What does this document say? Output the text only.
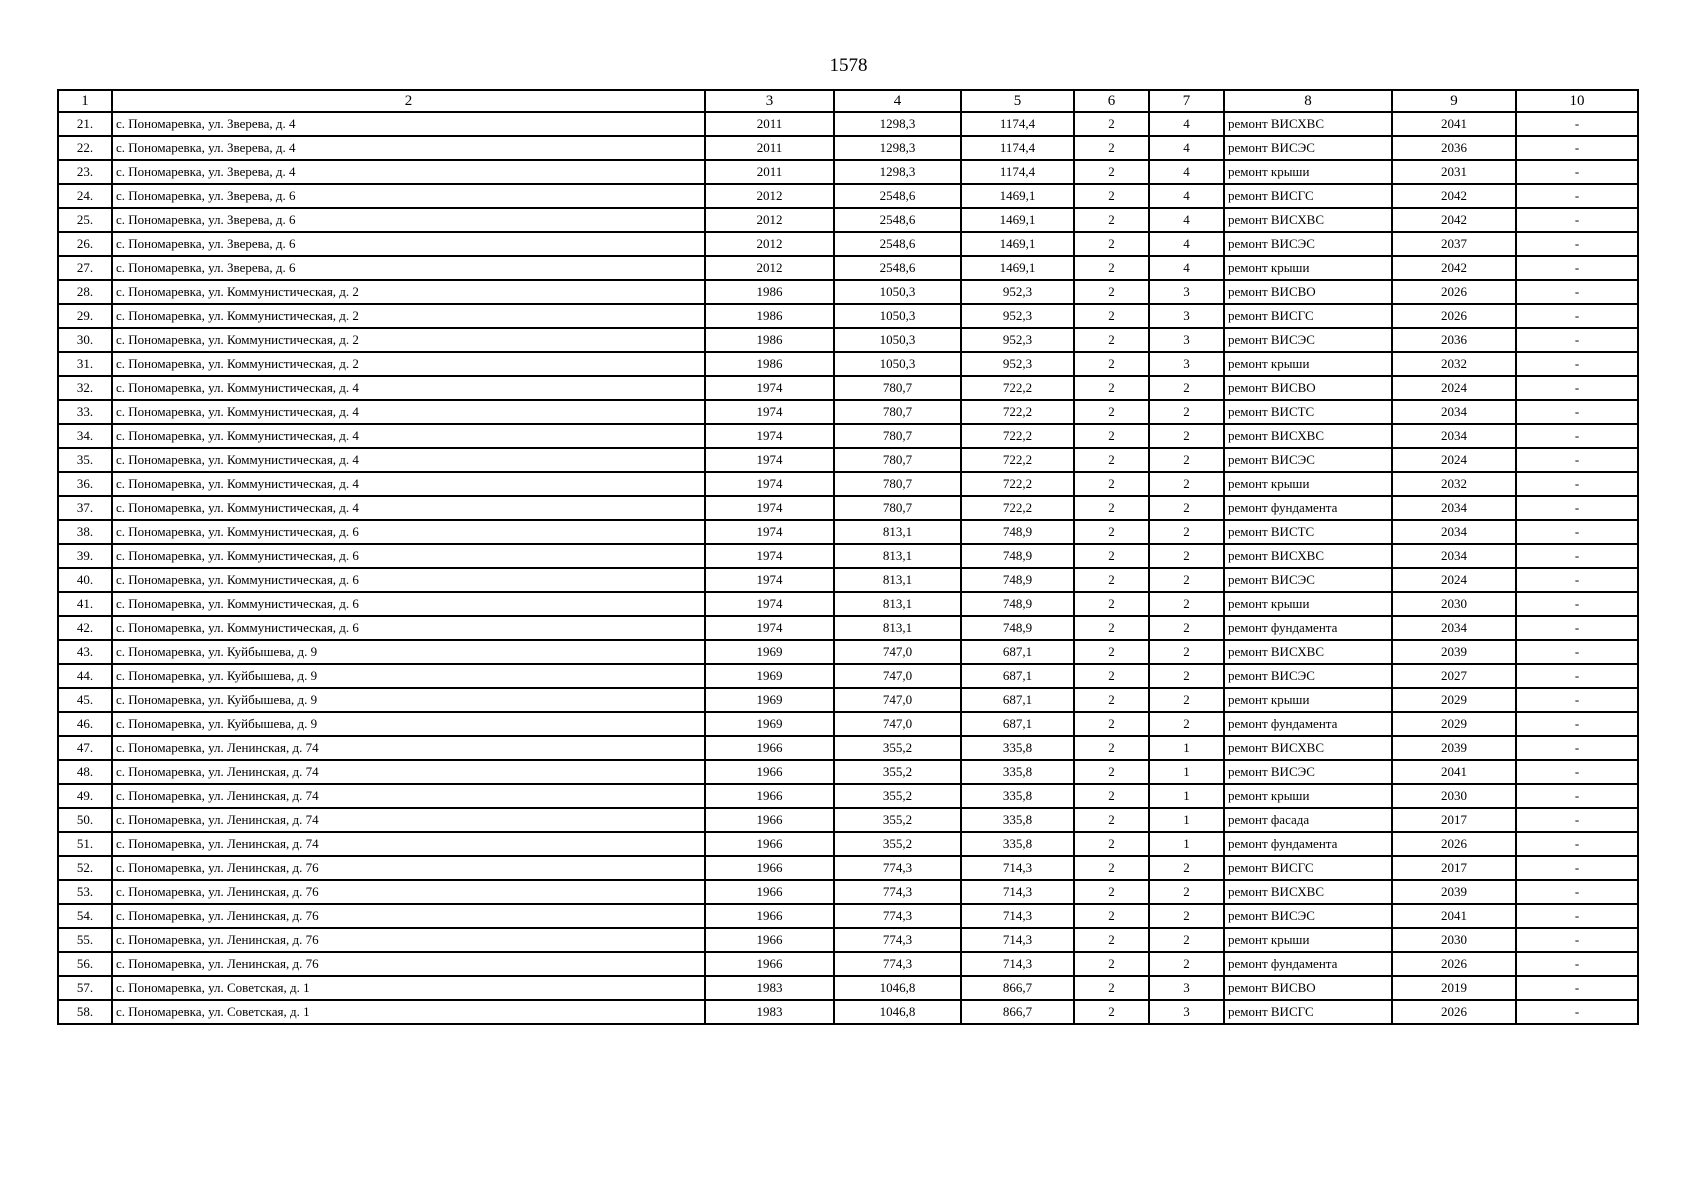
1578
1	2	3	4	5	6	7	8	9	10
21.	с. Пономаревка, ул. Зверева, д. 4	2011	1298,3	1174,4	2	4	ремонт ВИСХВС	2041	-
22.	с. Пономаревка, ул. Зверева, д. 4	2011	1298,3	1174,4	2	4	ремонт ВИСЭС	2036	-
23.	с. Пономаревка, ул. Зверева, д. 4	2011	1298,3	1174,4	2	4	ремонт крыши	2031	-
24.	с. Пономаревка, ул. Зверева, д. 6	2012	2548,6	1469,1	2	4	ремонт ВИСГС	2042	-
25.	с. Пономаревка, ул. Зверева, д. 6	2012	2548,6	1469,1	2	4	ремонт ВИСХВС	2042	-
26.	с. Пономаревка, ул. Зверева, д. 6	2012	2548,6	1469,1	2	4	ремонт ВИСЭС	2037	-
27.	с. Пономаревка, ул. Зверева, д. 6	2012	2548,6	1469,1	2	4	ремонт крыши	2042	-
28.	с. Пономаревка, ул. Коммунистическая, д. 2	1986	1050,3	952,3	2	3	ремонт ВИСВО	2026	-
29.	с. Пономаревка, ул. Коммунистическая, д. 2	1986	1050,3	952,3	2	3	ремонт ВИСГС	2026	-
30.	с. Пономаревка, ул. Коммунистическая, д. 2	1986	1050,3	952,3	2	3	ремонт ВИСЭС	2036	-
31.	с. Пономаревка, ул. Коммунистическая, д. 2	1986	1050,3	952,3	2	3	ремонт крыши	2032	-
32.	с. Пономаревка, ул. Коммунистическая, д. 4	1974	780,7	722,2	2	2	ремонт ВИСВО	2024	-
33.	с. Пономаревка, ул. Коммунистическая, д. 4	1974	780,7	722,2	2	2	ремонт ВИСТС	2034	-
34.	с. Пономаревка, ул. Коммунистическая, д. 4	1974	780,7	722,2	2	2	ремонт ВИСХВС	2034	-
35.	с. Пономаревка, ул. Коммунистическая, д. 4	1974	780,7	722,2	2	2	ремонт ВИСЭС	2024	-
36.	с. Пономаревка, ул. Коммунистическая, д. 4	1974	780,7	722,2	2	2	ремонт крыши	2032	-
37.	с. Пономаревка, ул. Коммунистическая, д. 4	1974	780,7	722,2	2	2	ремонт фундамента	2034	-
38.	с. Пономаревка, ул. Коммунистическая, д. 6	1974	813,1	748,9	2	2	ремонт ВИСТС	2034	-
39.	с. Пономаревка, ул. Коммунистическая, д. 6	1974	813,1	748,9	2	2	ремонт ВИСХВС	2034	-
40.	с. Пономаревка, ул. Коммунистическая, д. 6	1974	813,1	748,9	2	2	ремонт ВИСЭС	2024	-
41.	с. Пономаревка, ул. Коммунистическая, д. 6	1974	813,1	748,9	2	2	ремонт крыши	2030	-
42.	с. Пономаревка, ул. Коммунистическая, д. 6	1974	813,1	748,9	2	2	ремонт фундамента	2034	-
43.	с. Пономаревка, ул. Куйбышева, д. 9	1969	747,0	687,1	2	2	ремонт ВИСХВС	2039	-
44.	с. Пономаревка, ул. Куйбышева, д. 9	1969	747,0	687,1	2	2	ремонт ВИСЭС	2027	-
45.	с. Пономаревка, ул. Куйбышева, д. 9	1969	747,0	687,1	2	2	ремонт крыши	2029	-
46.	с. Пономаревка, ул. Куйбышева, д. 9	1969	747,0	687,1	2	2	ремонт фундамента	2029	-
47.	с. Пономаревка, ул. Ленинская, д. 74	1966	355,2	335,8	2	1	ремонт ВИСХВС	2039	-
48.	с. Пономаревка, ул. Ленинская, д. 74	1966	355,2	335,8	2	1	ремонт ВИСЭС	2041	-
49.	с. Пономаревка, ул. Ленинская, д. 74	1966	355,2	335,8	2	1	ремонт крыши	2030	-
50.	с. Пономаревка, ул. Ленинская, д. 74	1966	355,2	335,8	2	1	ремонт фасада	2017	-
51.	с. Пономаревка, ул. Ленинская, д. 74	1966	355,2	335,8	2	1	ремонт фундамента	2026	-
52.	с. Пономаревка, ул. Ленинская, д. 76	1966	774,3	714,3	2	2	ремонт ВИСГС	2017	-
53.	с. Пономаревка, ул. Ленинская, д. 76	1966	774,3	714,3	2	2	ремонт ВИСХВС	2039	-
54.	с. Пономаревка, ул. Ленинская, д. 76	1966	774,3	714,3	2	2	ремонт ВИСЭС	2041	-
55.	с. Пономаревка, ул. Ленинская, д. 76	1966	774,3	714,3	2	2	ремонт крыши	2030	-
56.	с. Пономаревка, ул. Ленинская, д. 76	1966	774,3	714,3	2	2	ремонт фундамента	2026	-
57.	с. Пономаревка, ул. Советская, д. 1	1983	1046,8	866,7	2	3	ремонт ВИСВО	2019	-
58.	с. Пономаревка, ул. Советская, д. 1	1983	1046,8	866,7	2	3	ремонт ВИСГС	2026	-
